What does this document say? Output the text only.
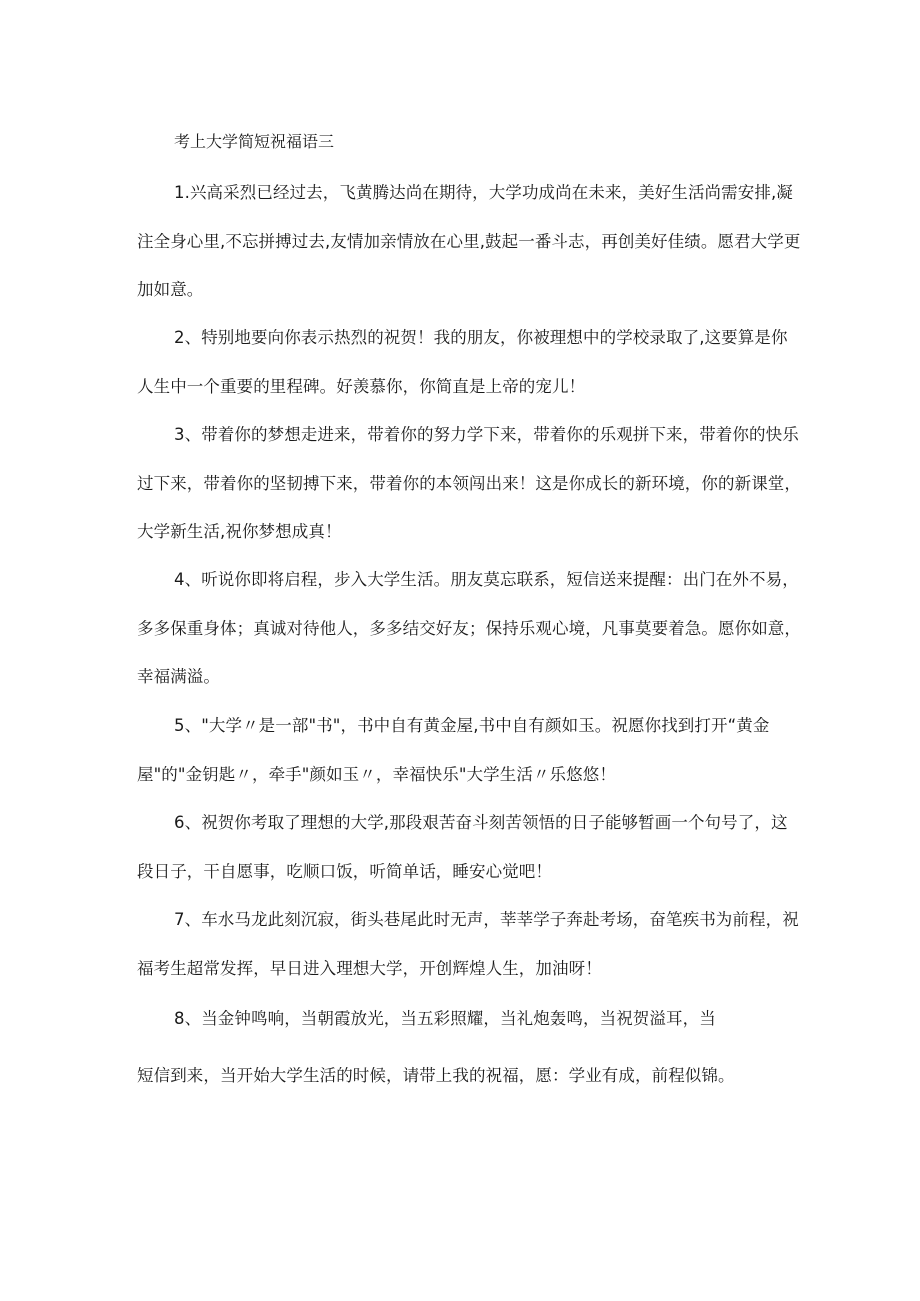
考上大学简短祝福语三

1.兴高采烈已经过去，飞黄腾达尚在期待，大学功成尚在未来，美好生活尚需安排,凝注全身心里,不忘拼搏过去,友情加亲情放在心里,鼓起一番斗志，再创美好佳绩。愿君大学更加如意。

2、特别地要向你表示热烈的祝贺！我的朋友，你被理想中的学校录取了,这要算是你人生中一个重要的里程碑。好羡慕你，你简直是上帝的宠儿！

3、带着你的梦想走进来，带着你的努力学下来，带着你的乐观拼下来，带着你的快乐过下来，带着你的坚韧搏下来，带着你的本领闯出来！这是你成长的新环境，你的新课堂，大学新生活,祝你梦想成真！

4、听说你即将启程，步入大学生活。朋友莫忘联系，短信送来提醒：出门在外不易，多多保重身体；真诚对待他人，多多结交好友；保持乐观心境，凡事莫要着急。愿你如意，幸福满溢。

5、"大学〃是一部"书"，书中自有黄金屋,书中自有颜如玉。祝愿你找到打开“黄金屋"的"金钥匙〃，牵手"颜如玉〃，幸福快乐"大学生活〃乐悠悠！

6、祝贺你考取了理想的大学,那段艰苦奋斗刻苦领悟的日子能够暂画一个句号了，这段日子，干自愿事，吃顺口饭，听简单话，睡安心觉吧！

7、车水马龙此刻沉寂，街头巷尾此时无声，莘莘学子奔赴考场，奋笔疾书为前程，祝福考生超常发挥，早日进入理想大学，开创辉煌人生，加油呀！

8、当金钟鸣响，当朝霞放光，当五彩照耀，当礼炮轰鸣，当祝贺溢耳，当

短信到来，当开始大学生活的时候，请带上我的祝福，愿：学业有成，前程似锦。
